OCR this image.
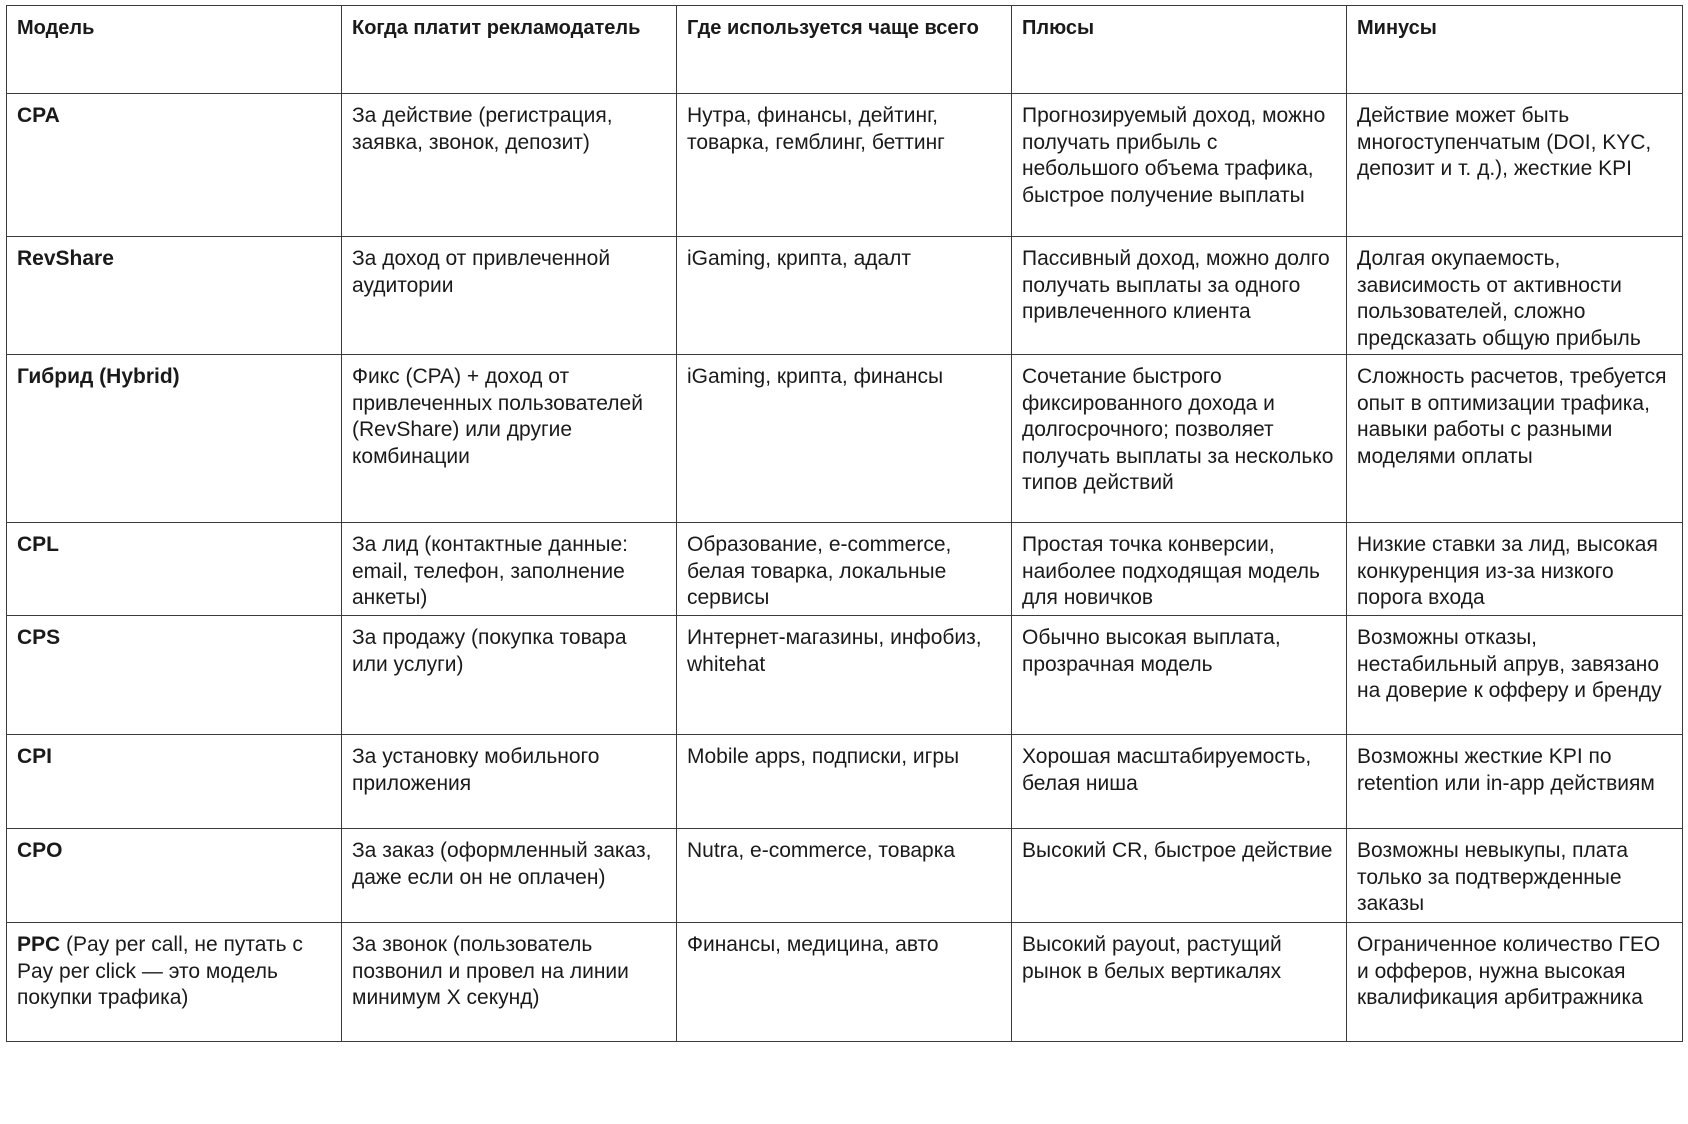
Модель	Когда платит рекламодатель	Где используется чаще всего	Плюсы	Минусы
CPA	За действие (регистрация, заявка, звонок, депозит)	Нутра, финансы, дейтинг, товарка, гемблинг, беттинг	Прогнозируемый доход, можно получать прибыль с небольшого объема трафика, быстрое получение выплаты	Действие может быть многоступенчатым (DOI, KYC, депозит и т. д.), жесткие KPI
RevShare	За доход от привлеченной аудитории	iGaming, крипта, адалт	Пассивный доход, можно долго получать выплаты за одного привлеченного клиента	Долгая окупаемость, зависимость от активности пользователей, сложно предсказать общую прибыль
Гибрид (Hybrid)	Фикс (CPA) + доход от привлеченных пользователей (RevShare) или другие комбинации	iGaming, крипта, финансы	Сочетание быстрого фиксированного дохода и долгосрочного; позволяет получать выплаты за несколько типов действий	Сложность расчетов, требуется опыт в оптимизации трафика, навыки работы с разными моделями оплаты
CPL	За лид (контактные данные: email, телефон, заполнение анкеты)	Образование, e-commerce, белая товарка, локальные сервисы	Простая точка конверсии, наиболее подходящая модель для новичков	Низкие ставки за лид, высокая конкуренция из-за низкого порога входа
CPS	За продажу (покупка товара или услуги)	Интернет-магазины, инфобиз, whitehat	Обычно высокая выплата, прозрачная модель	Возможны отказы, нестабильный апрув, завязано на доверие к офферу и бренду
CPI	За установку мобильного приложения	Mobile apps, подписки, игры	Хорошая масштабируемость, белая ниша	Возможны жесткие KPI по retention или in-app действиям
CPO	За заказ (оформленный заказ, даже если он не оплачен)	Nutra, e-commerce, товарка	Высокий CR, быстрое действие	Возможны невыкупы, плата только за подтвержденные заказы
PPC (Pay per call, не путать с Pay per click — это модель покупки трафика)	За звонок (пользователь позвонил и провел на линии минимум X секунд)	Финансы, медицина, авто	Высокий payout, растущий рынок в белых вертикалях	Ограниченное количество ГЕО и офферов, нужна высокая квалификация арбитражника
